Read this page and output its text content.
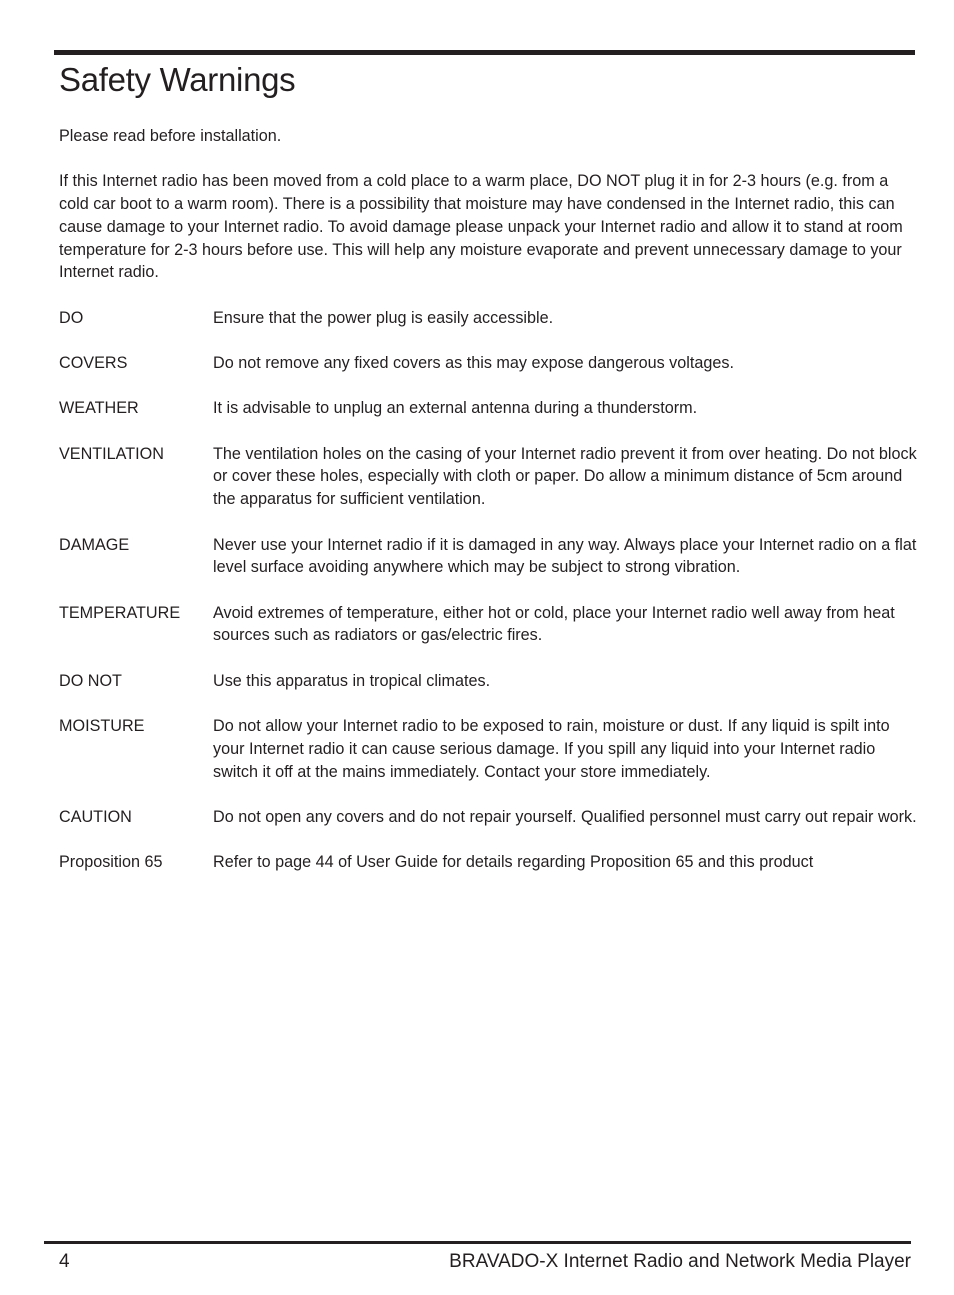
Safety Warnings

Please read before installation.

If this Internet radio has been moved from a cold place to a warm place, DO NOT plug it in for 2-3 hours (e.g. from a cold car boot to a warm room). There is a possibility that moisture may have condensed in the Internet radio, this can cause damage to your Internet radio. To avoid damage please unpack your Internet radio and allow it to stand at room temperature for 2-3 hours before use. This will help any moisture evaporate and prevent unnecessary damage to your Internet radio.

DO	Ensure that the power plug is easily accessible.
COVERS	Do not remove any fixed covers as this may expose dangerous voltages.
WEATHER	It is advisable to unplug an external antenna during a thunderstorm.
VENTILATION	The ventilation holes on the casing of your Internet radio prevent it from over heating. Do not block or cover these holes, especially with cloth or paper. Do allow a minimum distance of 5cm around the apparatus for sufficient ventilation.
DAMAGE	Never use your Internet radio if it is damaged in any way. Always place your Internet radio on a flat level surface avoiding anywhere which may be subject to strong vibration.
TEMPERATURE	Avoid extremes of temperature, either hot or cold, place your Internet radio well away from heat sources such as radiators or gas/electric fires.
DO NOT	Use this apparatus in tropical climates.
MOISTURE	Do not allow your Internet radio to be exposed to rain, moisture or dust. If any liquid is spilt into your Internet radio it can cause serious damage. If you spill any liquid into your Internet radio switch it off at the mains immediately. Contact your store immediately.
CAUTION	Do not open any covers and do not repair yourself. Qualified personnel must carry out repair work.
Proposition 65	Refer to page 44 of User Guide for details regarding Proposition 65 and this product
4	BRAVADO-X Internet Radio and Network Media Player
